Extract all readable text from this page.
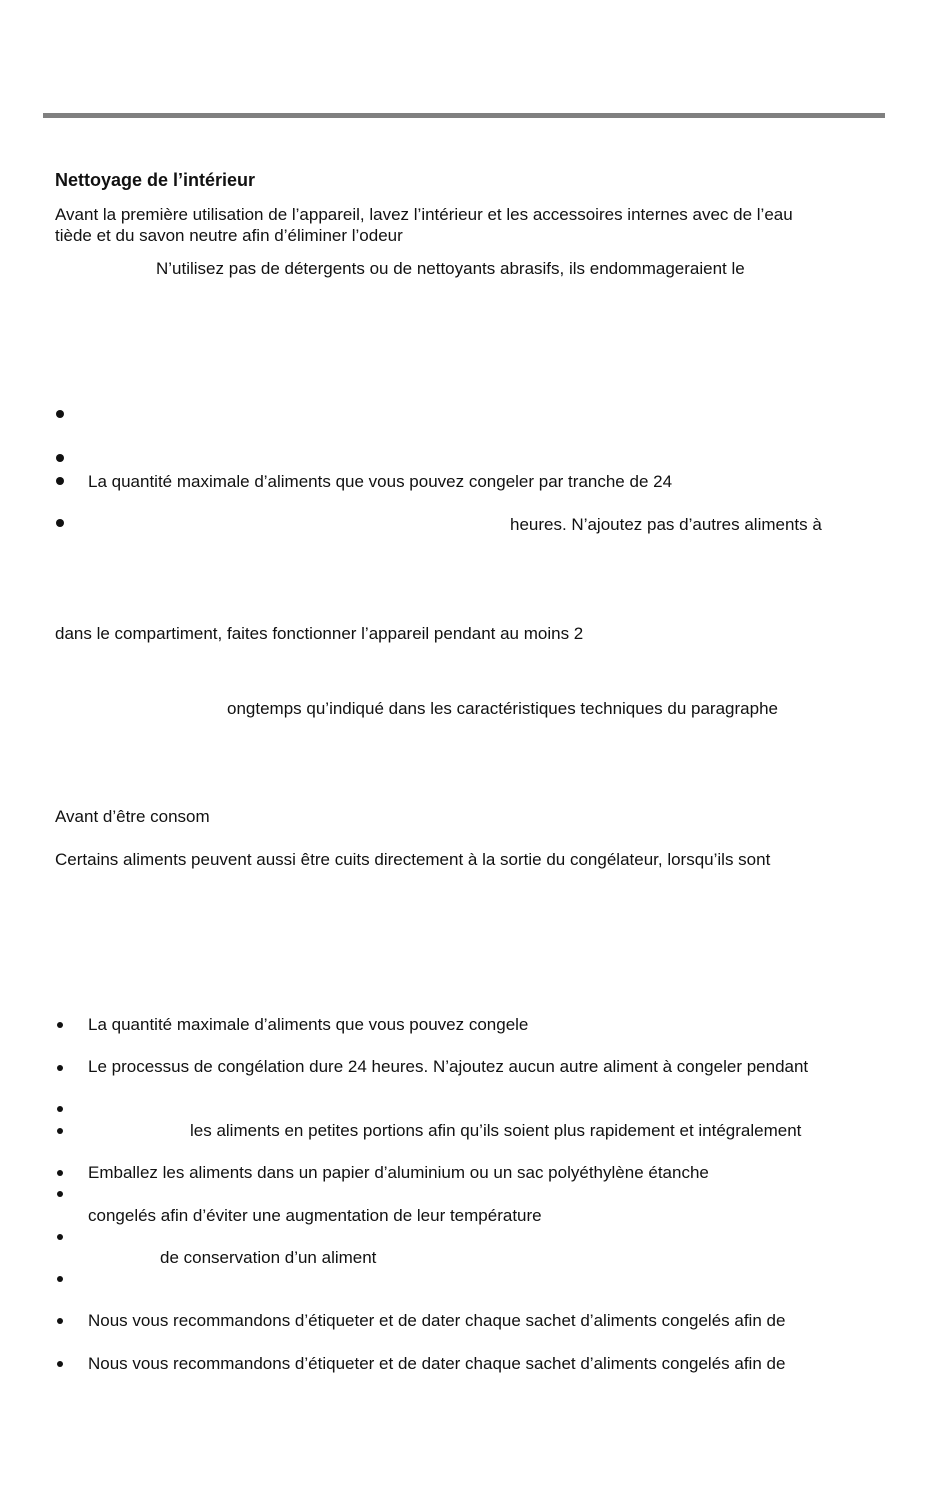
Nettoyage de l’intérieur

Avant la première utilisation de l’appareil, lavez l’intérieur et les accessoires internes avec de l’eau

tiède et du savon neutre afin d’éliminer l’odeur

N’utilisez pas de détergents ou de nettoyants abrasifs, ils endommageraient le

La quantité maximale d’aliments que vous pouvez congeler par tranche de 24

heures. N’ajoutez pas d’autres aliments à

dans le compartiment, faites fonctionner l’appareil pendant au moins 2

ongtemps qu’indiqué dans les caractéristiques techniques du paragraphe

Avant d’être consom

Certains aliments peuvent aussi être cuits directement à la sortie du congélateur, lorsqu’ils sont

La quantité maximale d’aliments que vous pouvez congele

Le processus de congélation dure 24 heures. N’ajoutez aucun autre aliment à congeler pendant

les aliments en petites portions afin qu’ils soient plus rapidement et intégralement

Emballez les aliments dans un papier d’aluminium ou un sac polyéthylène étanche

congelés afin d’éviter une augmentation de leur température

de conservation d’un aliment

Nous vous recommandons d’étiqueter et de dater chaque sachet d’aliments congelés afin de

Nous vous recommandons d’étiqueter et de dater chaque sachet d’aliments congelés afin de
